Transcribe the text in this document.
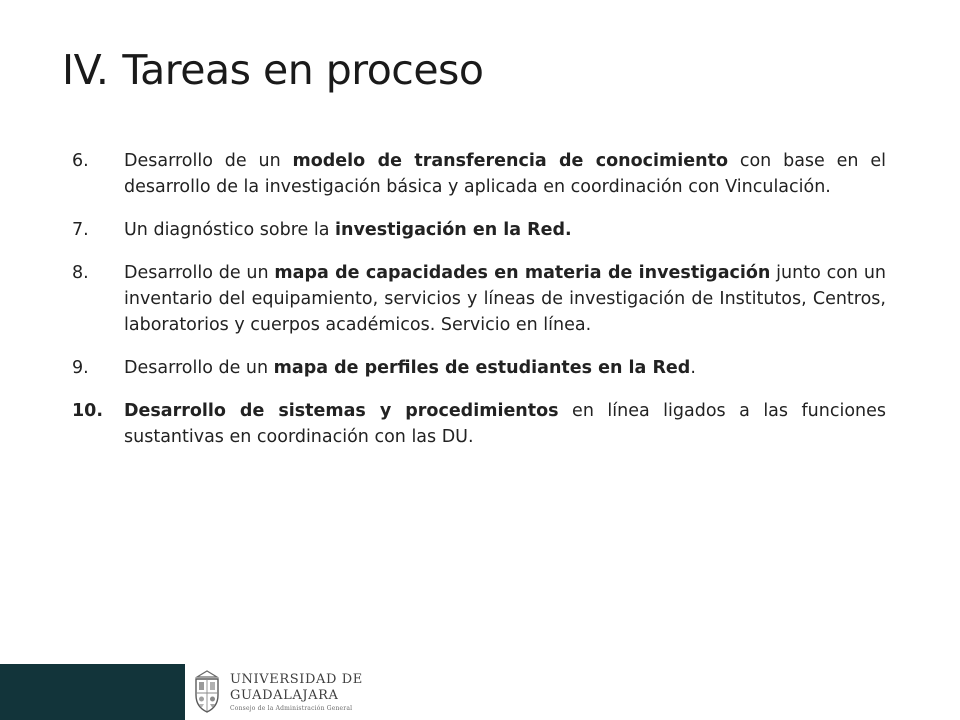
IV. Tareas en proceso
6.	Desarrollo de un modelo de transferencia de conocimiento con base en el desarrollo de la investigación básica y aplicada en coordinación con Vinculación.
7.	Un diagnóstico sobre la investigación en la Red.
8.	Desarrollo de un mapa de capacidades en materia de investigación junto con un inventario del equipamiento, servicios y líneas de investigación de Institutos, Centros, laboratorios y cuerpos académicos. Servicio en línea.
9.	Desarrollo de un mapa de perfiles de estudiantes en la Red.
10.	Desarrollo de sistemas y procedimientos en línea ligados a las funciones sustantivas en coordinación con las DU.
UNIVERSIDAD DE
GUADALAJARA
Consejo de la Administración General
